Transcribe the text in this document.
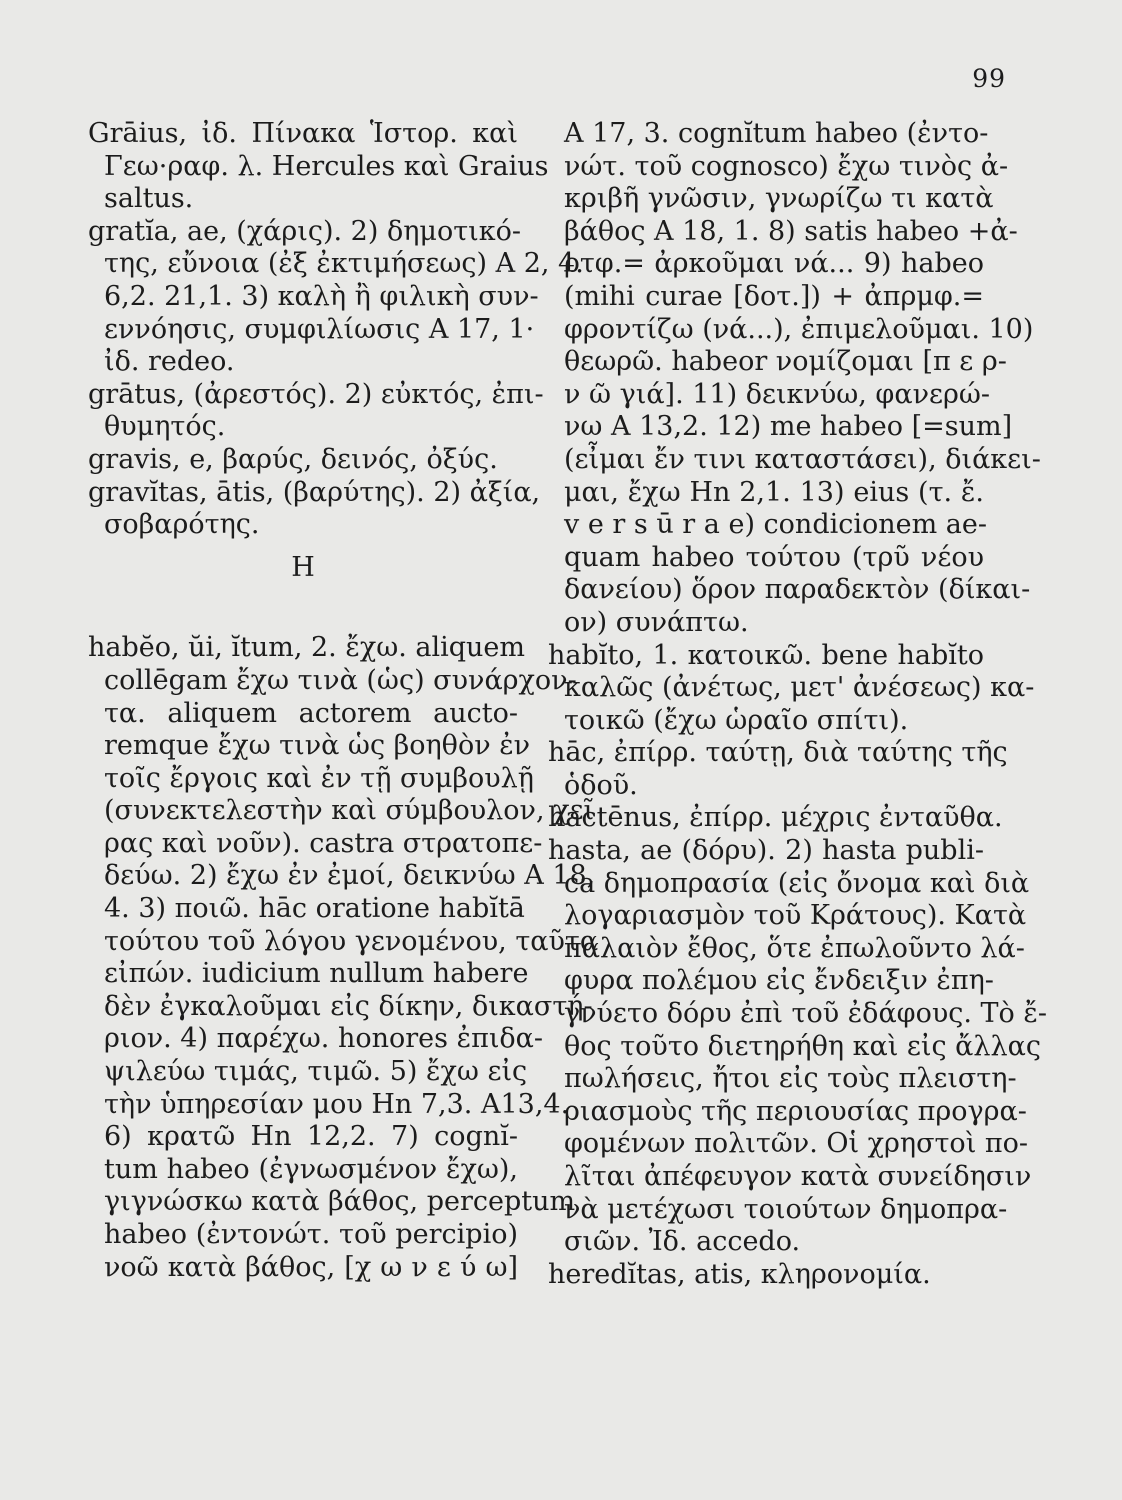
99
Grāius, ἰδ. Πίνακα Ἱστορ. καὶ
Γεω·ραφ. λ. Hercules καὶ Graius
saltus.
gratĭa, ae, (χάρις). 2) δημοτικό-
της, εὔνοια (ἐξ ἐκτιμήσεως) Α 2, 4.
6,2. 21,1. 3) καλὴ ἢ φιλικὴ συν-
εννόησις, συμφιλίωσις Α 17, 1·
ἰδ. redeo.
grātus, (ἀρεστός). 2) εὐκτός, ἐπι-
θυμητός.
gravis, e, βαρύς, δεινός, ὀξύς.
gravĭtas, ātis, (βαρύτης). 2) ἀξία,
σοβαρότης.
Η
habĕo, ŭi, ĭtum, 2. ἔχω. aliquem
collēgam ἔχω τινὰ (ὡς) συνάρχον-
τα. aliquem actorem aucto-
remque ἔχω τινὰ ὡς βοηθὸν ἐν
τοῖς ἔργοις καὶ ἐν τῇ συμβουλῇ
(συνεκτελεστὴν καὶ σύμβουλον, χεῖ
ρας καὶ νοῦν). castra στρατοπε-
δεύω. 2) ἔχω ἐν ἐμοί, δεικνύω Α 18,
4. 3) ποιῶ. hāc oratione habĭtā
τούτου τοῦ λόγου γενομένου, ταῦτα
εἰπών. iudicium nullum habere
δὲν ἐγκαλοῦμαι εἰς δίκην, δικαστή-
ριον. 4) παρέχω. honores ἐπιδα-
ψιλεύω τιμάς, τιμῶ. 5) ἔχω εἰς
τὴν ὑπηρεσίαν μου Ηn 7,3. Α13,4.
6) κρατῶ Ηn 12,2. 7) cognĭ-
tum habeo (ἐγνωσμένον ἔχω),
γιγνώσκω κατὰ βάθος, perceptum
habeo (ἐντονώτ. τοῦ percipio)
νοῶ κατὰ βάθος, [χ ω ν ε ύ ω]
Α 17, 3. cognĭtum habeo (ἐντο-
νώτ. τοῦ cognosco) ἔχω τινὸς ἀ-
κριβῆ γνῶσιν, γνωρίζω τι κατὰ
βάθος Α 18, 1. 8) satis habeo +ἀ-
ρτφ.= ἀρκοῦμαι νά... 9) habeo
(mihi curae [δοτ.]) + ἀπρμφ.=
φροντίζω (νά...), ἐπιμελοῦμαι. 10)
θεωρῶ. habeor νομίζομαι [π ε ρ-
ν ῶ γιά]. 11) δεικνύω, φανερώ-
νω Α 13,2. 12) me habeo [=sum]
(εἶμαι ἔν τινι καταστάσει), διάκει-
μαι, ἔχω Ηn 2,1. 13) eius (τ. ἔ.
v e r s ū r a e) condicionem ae-
quam habeo τούτου (τρῦ νέου
δανείου) ὅρον παραδεκτὸν (δίκαι-
ον) συνάπτω.
habĭto, 1. κατοικῶ. bene habĭto
καλῶς (ἀνέτως, μετ' ἀνέσεως) κα-
τοικῶ (ἔχω ὡραῖο σπίτι).
hāc, ἐπίρρ. ταύτῃ, διὰ ταύτης τῆς
ὁδοῦ.
hactēnus, ἐπίρρ. μέχρις ἐνταῦθα.
hasta, ae (δόρυ). 2) hasta publi-
ca δημοπρασία (εἰς ὄνομα καὶ διὰ
λογαριασμὸν τοῦ Κράτους). Κατὰ
παλαιὸν ἔθος, ὅτε ἐπωλοῦντο λά-
φυρα πολέμου εἰς ἔνδειξιν ἐπη-
γνύετο δόρυ ἐπὶ τοῦ ἐδάφους. Τὸ ἔ-
θος τοῦτο διετηρήθη καὶ εἰς ἄλλας
πωλήσεις, ἤτοι εἰς τοὺς πλειστη-
ριασμοὺς τῆς περιουσίας προγρα-
φομένων πολιτῶν. Οἱ χρηστοὶ πο-
λῖται ἀπέφευγον κατὰ συνείδησιν
νὰ μετέχωσι τοιούτων δημοπρα-
σιῶν. Ἰδ. accedo.
heredĭtas, atis, κληρονομία.
